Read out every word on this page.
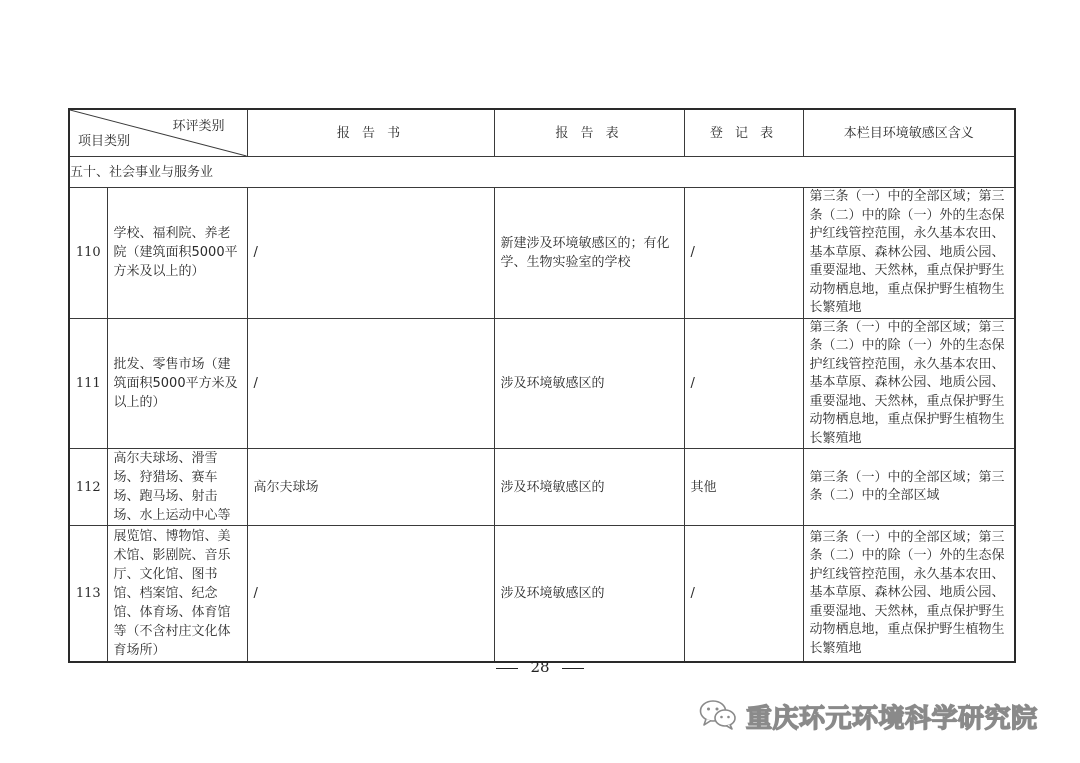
环评类别
项目类别		报 告 书	报 告 表	登 记 表	本栏目环境敏感区含义
五十、社会事业与服务业					
110	学校、福利院、养老院（建筑面积5000平方米及以上的）	/	新建涉及环境敏感区的；有化学、生物实验室的学校	/	第三条（一）中的全部区域；第三条（二）中的除（一）外的生态保护红线管控范围，永久基本农田、基本草原、森林公园、地质公园、重要湿地、天然林，重点保护野生动物栖息地，重点保护野生植物生长繁殖地
111	批发、零售市场（建筑面积5000平方米及以上的）	/	涉及环境敏感区的	/	第三条（一）中的全部区域；第三条（二）中的除（一）外的生态保护红线管控范围，永久基本农田、基本草原、森林公园、地质公园、重要湿地、天然林，重点保护野生动物栖息地，重点保护野生植物生长繁殖地
112	高尔夫球场、滑雪场、狩猎场、赛车场、跑马场、射击场、水上运动中心等	高尔夫球场	涉及环境敏感区的	其他	第三条（一）中的全部区域；第三条（二）中的全部区域
113	展览馆、博物馆、美术馆、影剧院、音乐厅、文化馆、图书馆、档案馆、纪念馆、体育场、体育馆等（不含村庄文化体育场所）	/	涉及环境敏感区的	/	第三条（一）中的全部区域；第三条（二）中的除（一）外的生态保护红线管控范围，永久基本农田、基本草原、森林公园、地质公园、重要湿地、天然林，重点保护野生动物栖息地，重点保护野生植物生长繁殖地
28
重庆环元环境科学研究院
